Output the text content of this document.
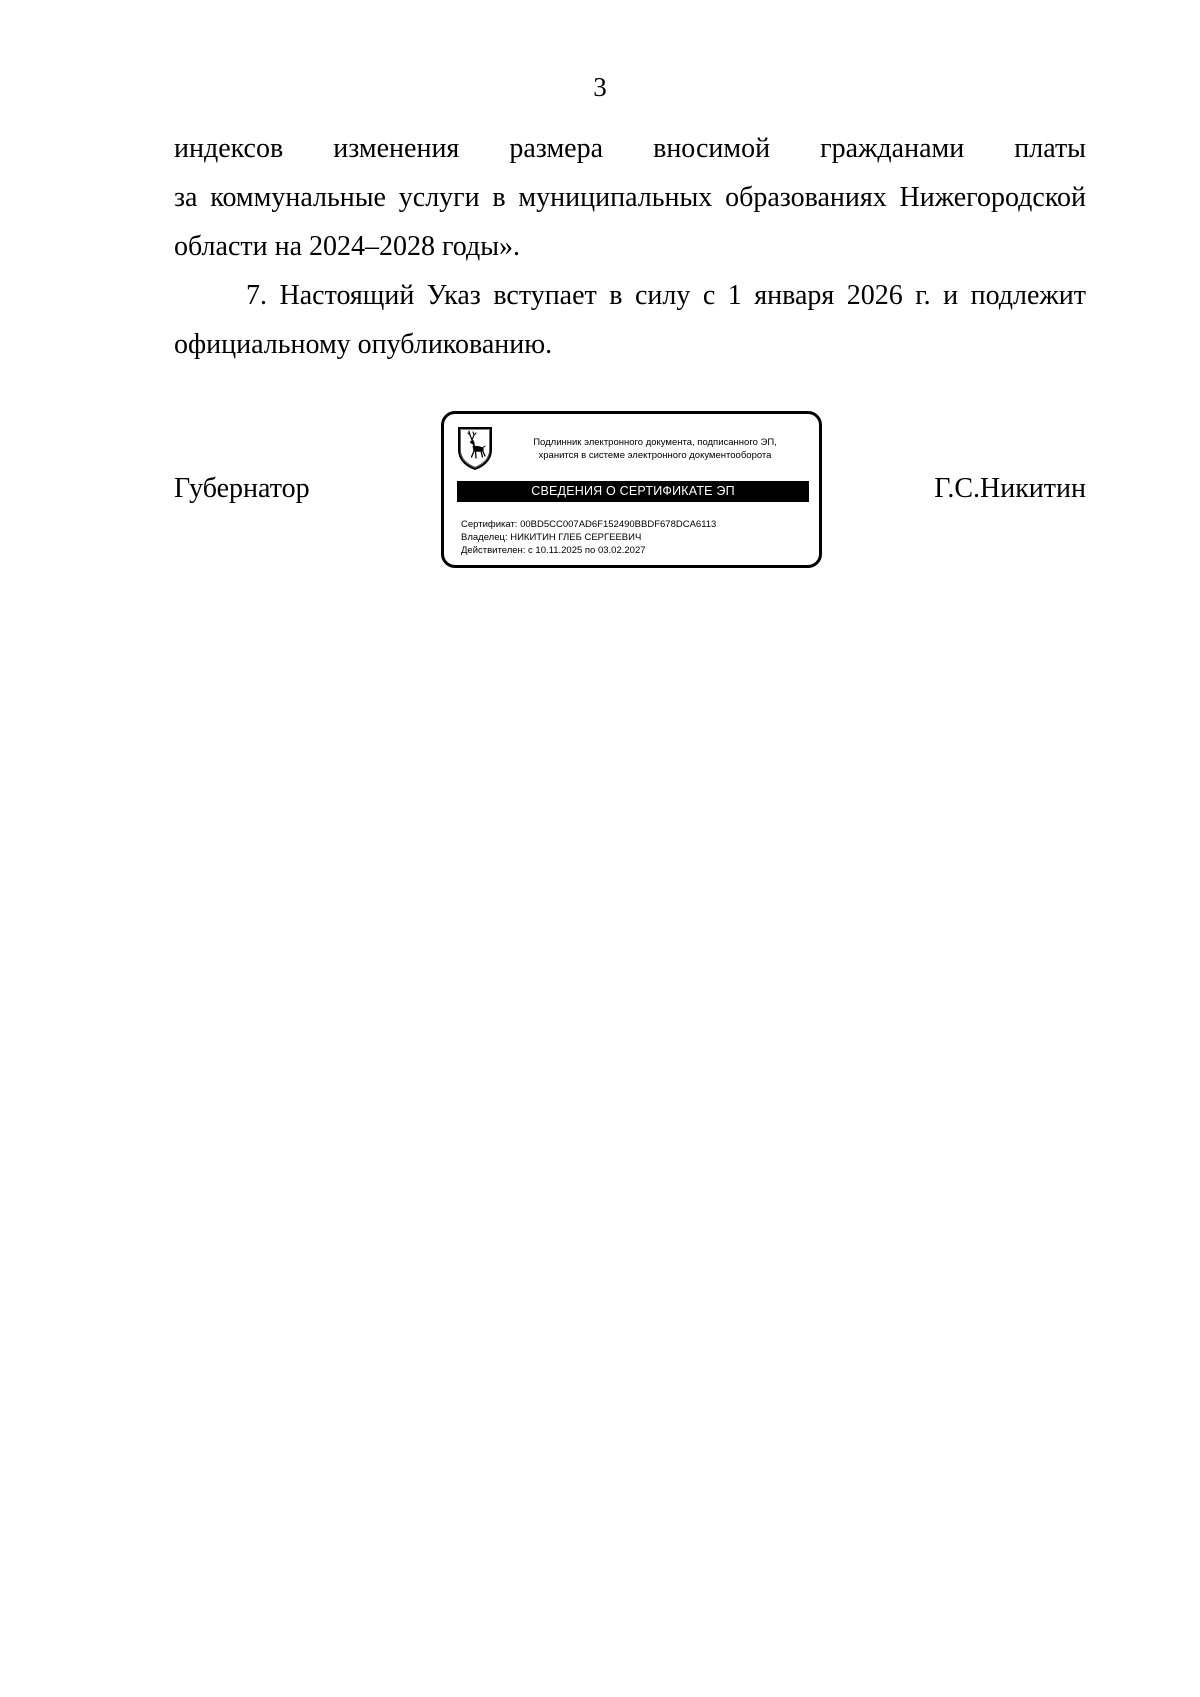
3

индексов изменения размера вносимой гражданами платы
за коммунальные услуги в муниципальных образованиях Нижегородской
области на 2024–2028 годы».

7. Настоящий Указ вступает в силу с 1 января 2026 г. и подлежит
официальному опубликованию.

Губернатор	Г.С.Никитин
Подлинник электронного документа, подписанного ЭП,
хранится в системе электронного документооборота
СВЕДЕНИЯ О СЕРТИФИКАТЕ ЭП
Сертификат: 00BD5CC007AD6F152490BBDF678DCA6113
Владелец: НИКИТИН ГЛЕБ СЕРГЕЕВИЧ
Действителен: с 10.11.2025 по 03.02.2027
